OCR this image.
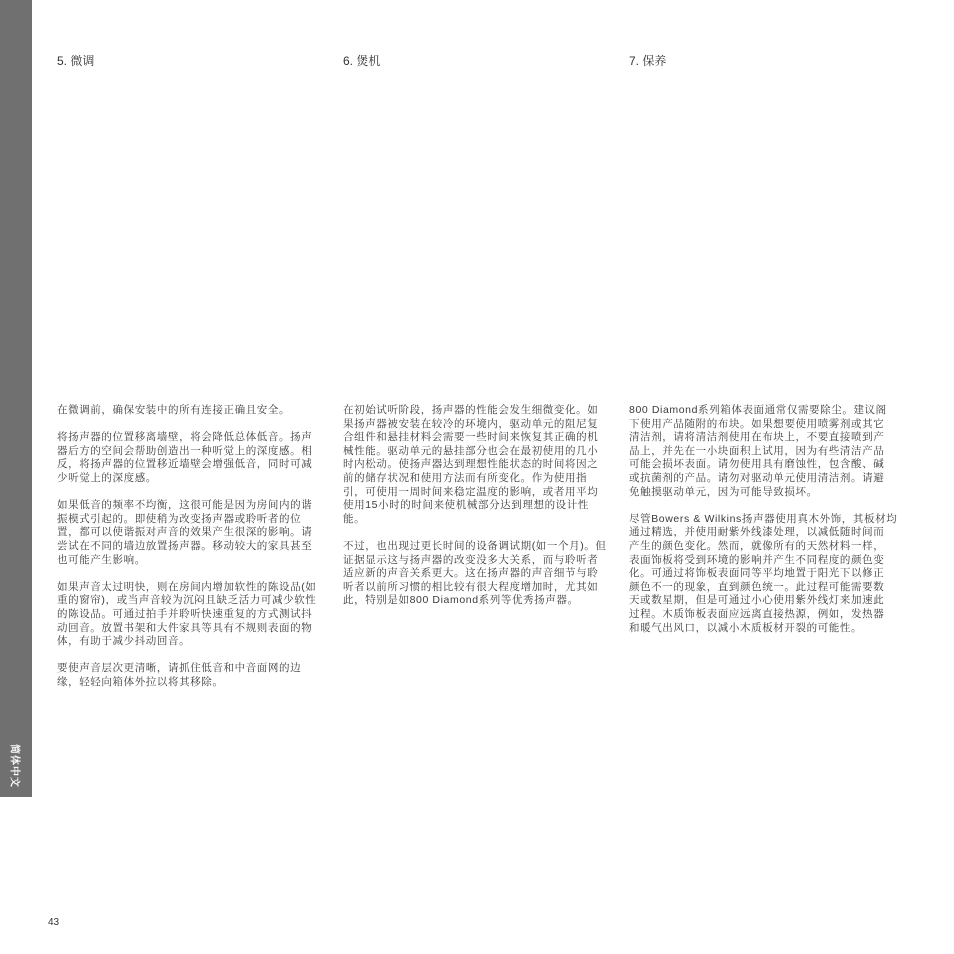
简体中文
5. 微调

在微调前，确保安装中的所有连接正确且安全。

将扬声器的位置移离墙壁，将会降低总体低音。扬声
器后方的空间会帮助创造出一种听觉上的深度感。相
反，将扬声器的位置移近墙壁会增强低音，同时可减
少听觉上的深度感。

如果低音的频率不均衡，这很可能是因为房间内的谐
振模式引起的。即使稍为改变扬声器或聆听者的位
置，都可以使谐振对声音的效果产生很深的影响。请
尝试在不同的墙边放置扬声器。移动较大的家具甚至
也可能产生影响。

如果声音太过明快，则在房间内增加软性的陈设品(如
重的窗帘)，或当声音较为沉闷且缺乏活力可减少软性
的陈设品。可通过拍手并聆听快速重复的方式测试抖
动回音。放置书架和大件家具等具有不规则表面的物
体，有助于减少抖动回音。

要使声音层次更清晰，请抓住低音和中音面网的边
缘，轻轻向箱体外拉以将其移除。

6. 煲机

在初始试听阶段，扬声器的性能会发生细微变化。如
果扬声器被安装在较冷的环境内，驱动单元的阻尼复
合组件和悬挂材料会需要一些时间来恢复其正确的机
械性能。驱动单元的悬挂部分也会在最初使用的几小
时内松动。使扬声器达到理想性能状态的时间将因之
前的储存状况和使用方法而有所变化。作为使用指
引，可使用一周时间来稳定温度的影响，或者用平均
使用15小时的时间来使机械部分达到理想的设计性
能。

不过，也出现过更长时间的设备调试期(如一个月)。但
证据显示这与扬声器的改变没多大关系，而与聆听者
适应新的声音关系更大。这在扬声器的声音细节与聆
听者以前所习惯的相比较有很大程度增加时，尤其如
此，特别是如800 Diamond系列等优秀扬声器。

7. 保养

800 Diamond系列箱体表面通常仅需要除尘。建议阁
下使用产品随附的布块。如果想要使用喷雾剂或其它
清洁剂，请将清洁剂使用在布块上，不要直接喷到产
品上，并先在一小块面积上试用，因为有些清洁产品
可能会损坏表面。请勿使用具有磨蚀性，包含酸、碱
或抗菌剂的产品。请勿对驱动单元使用清洁剂。请避
免触摸驱动单元，因为可能导致损坏。

尽管Bowers & Wilkins扬声器使用真木外饰，其板材均
通过精选，并使用耐紫外线漆处理，以减低随时间而
产生的颜色变化。然而，就像所有的天然材料一样，
表面饰板将受到环境的影响并产生不同程度的颜色变
化。可通过将饰板表面同等平均地置于阳光下以修正
颜色不一的现象，直到颜色统一。此过程可能需要数
天或数星期，但是可通过小心使用紫外线灯来加速此
过程。木质饰板表面应远离直接热源，例如，发热器
和暖气出风口，以减小木质板材开裂的可能性。

43
